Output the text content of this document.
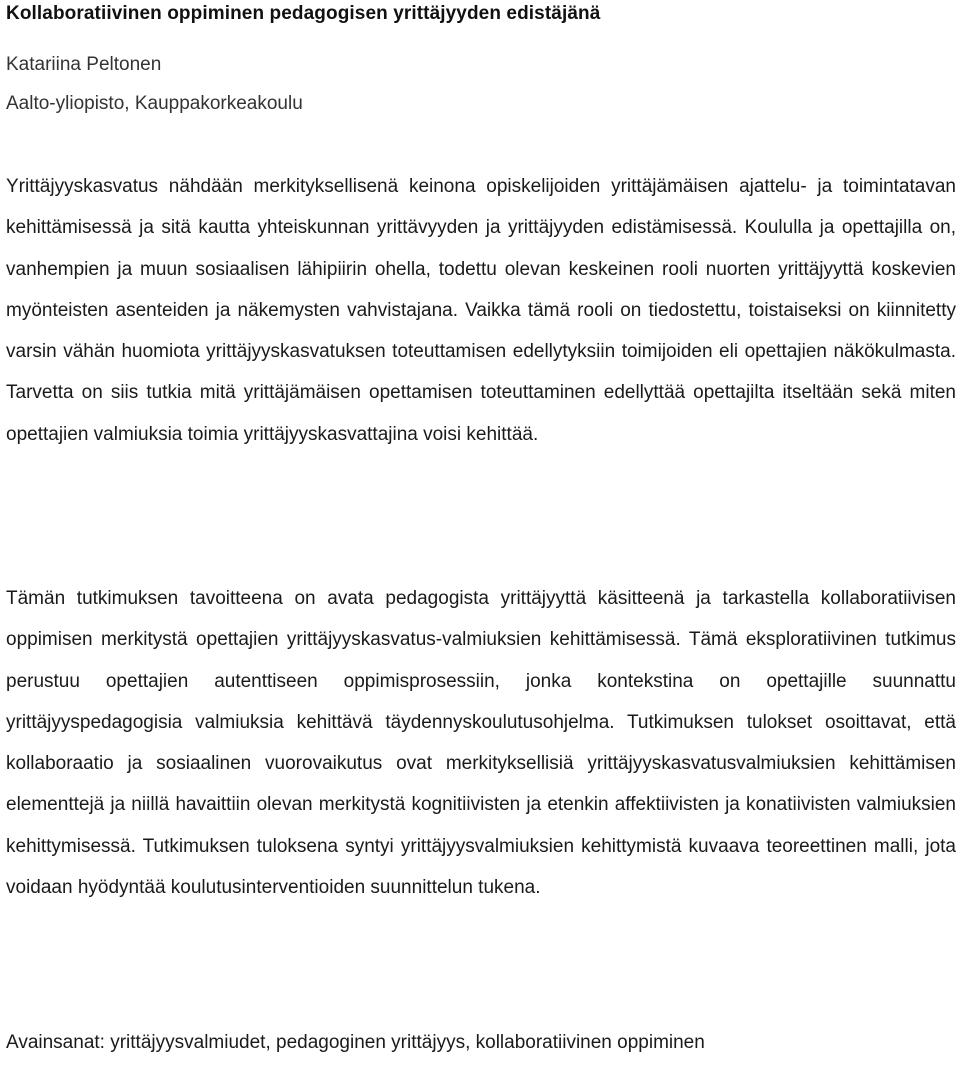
Kollaboratiivinen oppiminen pedagogisen yrittäjyyden edistäjänä

Katariina Peltonen

Aalto-yliopisto, Kauppakorkeakoulu

Yrittäjyyskasvatus nähdään merkityksellisenä keinona opiskelijoiden yrittäjämäisen ajattelu- ja toimintatavan kehittämisessä ja sitä kautta yhteiskunnan yrittävyyden ja yrittäjyyden edistämisessä. Koululla ja opettajilla on, vanhempien ja muun sosiaalisen lähipiirin ohella, todettu olevan keskeinen rooli nuorten yrittäjyyttä koskevien myönteisten asenteiden ja näkemysten vahvistajana. Vaikka tämä rooli on tiedostettu, toistaiseksi on kiinnitetty varsin vähän huomiota yrittäjyyskasvatuksen toteuttamisen edellytyksiin toimijoiden eli opettajien näkökulmasta. Tarvetta on siis tutkia mitä yrittäjämäisen opettamisen toteuttaminen edellyttää opettajilta itseltään sekä miten opettajien valmiuksia toimia yrittäjyyskasvattajina voisi kehittää.

Tämän tutkimuksen tavoitteena on avata pedagogista yrittäjyyttä käsitteenä ja tarkastella kollaboratiivisen oppimisen merkitystä opettajien yrittäjyyskasvatus-valmiuksien kehittämisessä. Tämä eksploratiivinen tutkimus perustuu opettajien autenttiseen oppimisprosessiin, jonka kontekstina on opettajille suunnattu yrittäjyyspedagogisia valmiuksia kehittävä täydennyskoulutusohjelma. Tutkimuksen tulokset osoittavat, että kollaboraatio ja sosiaalinen vuorovaikutus ovat merkityksellisiä yrittäjyyskasvatusvalmiuksien kehittämisen elementtejä ja niillä havaittiin olevan merkitystä kognitiivisten ja etenkin affektiivisten ja konatiivisten valmiuksien kehittymisessä. Tutkimuksen tuloksena syntyi yrittäjyysvalmiuksien kehittymistä kuvaava teoreettinen malli, jota voidaan hyödyntää koulutusinterventioiden suunnittelun tukena.

Avainsanat: yrittäjyysvalmiudet, pedagoginen yrittäjyys, kollaboratiivinen oppiminen
